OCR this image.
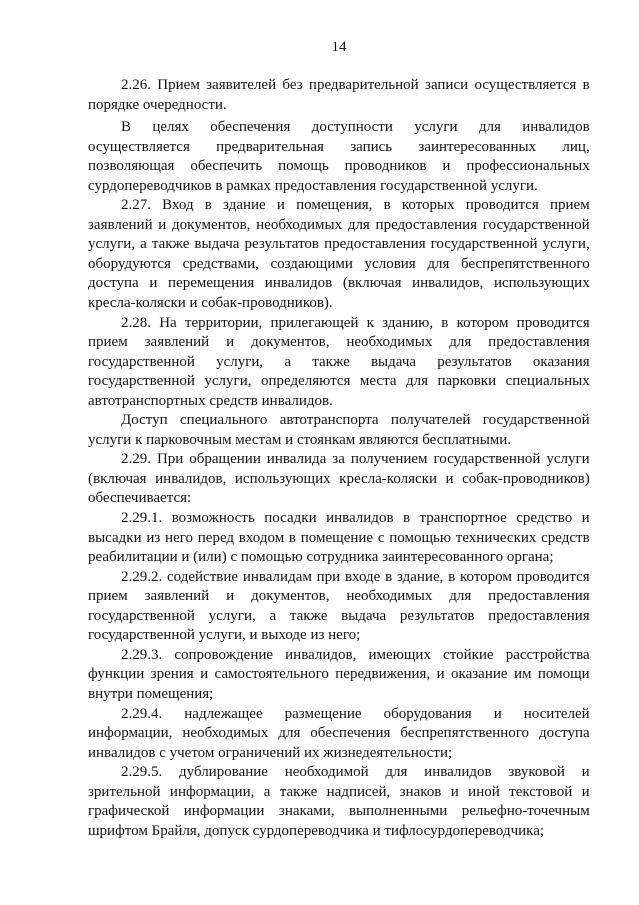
14
2.26. Прием заявителей без предварительной записи осуществляется в
порядке очередности.
В целях обеспечения доступности услуги для инвалидов
осуществляется предварительная запись заинтересованных лиц,
позволяющая обеспечить помощь проводников и профессиональных
сурдопереводчиков в рамках предоставления государственной услуги.
2.27. Вход в здание и помещения, в которых проводится прием
заявлений и документов, необходимых для предоставления государственной
услуги, а также выдача результатов предоставления государственной услуги,
оборудуются средствами, создающими условия для беспрепятственного
доступа и перемещения инвалидов (включая инвалидов, использующих
кресла-коляски и собак-проводников).
2.28. На территории, прилегающей к зданию, в котором проводится
прием заявлений и документов, необходимых для предоставления
государственной услуги, а также выдача результатов оказания
государственной услуги, определяются места для парковки специальных
автотранспортных средств инвалидов.
Доступ специального автотранспорта получателей государственной
услуги к парковочным местам и стоянкам являются бесплатными.
2.29. При обращении инвалида за получением государственной услуги
(включая инвалидов, использующих кресла-коляски и собак-проводников)
обеспечивается:
2.29.1. возможность посадки инвалидов в транспортное средство и
высадки из него перед входом в помещение с помощью технических средств
реабилитации и (или) с помощью сотрудника заинтересованного органа;
2.29.2. содействие инвалидам при входе в здание, в котором проводится
прием заявлений и документов, необходимых для предоставления
государственной услуги, а также выдача результатов предоставления
государственной услуги, и выходе из него;
2.29.3. сопровождение инвалидов, имеющих стойкие расстройства
функции зрения и самостоятельного передвижения, и оказание им помощи
внутри помещения;
2.29.4. надлежащее размещение оборудования и носителей
информации, необходимых для обеспечения беспрепятственного доступа
инвалидов с учетом ограничений их жизнедеятельности;
2.29.5. дублирование необходимой для инвалидов звуковой и
зрительной информации, а также надписей, знаков и иной текстовой и
графической информации знаками, выполненными рельефно-точечным
шрифтом Брайля, допуск сурдопереводчика и тифлосурдопереводчика;
